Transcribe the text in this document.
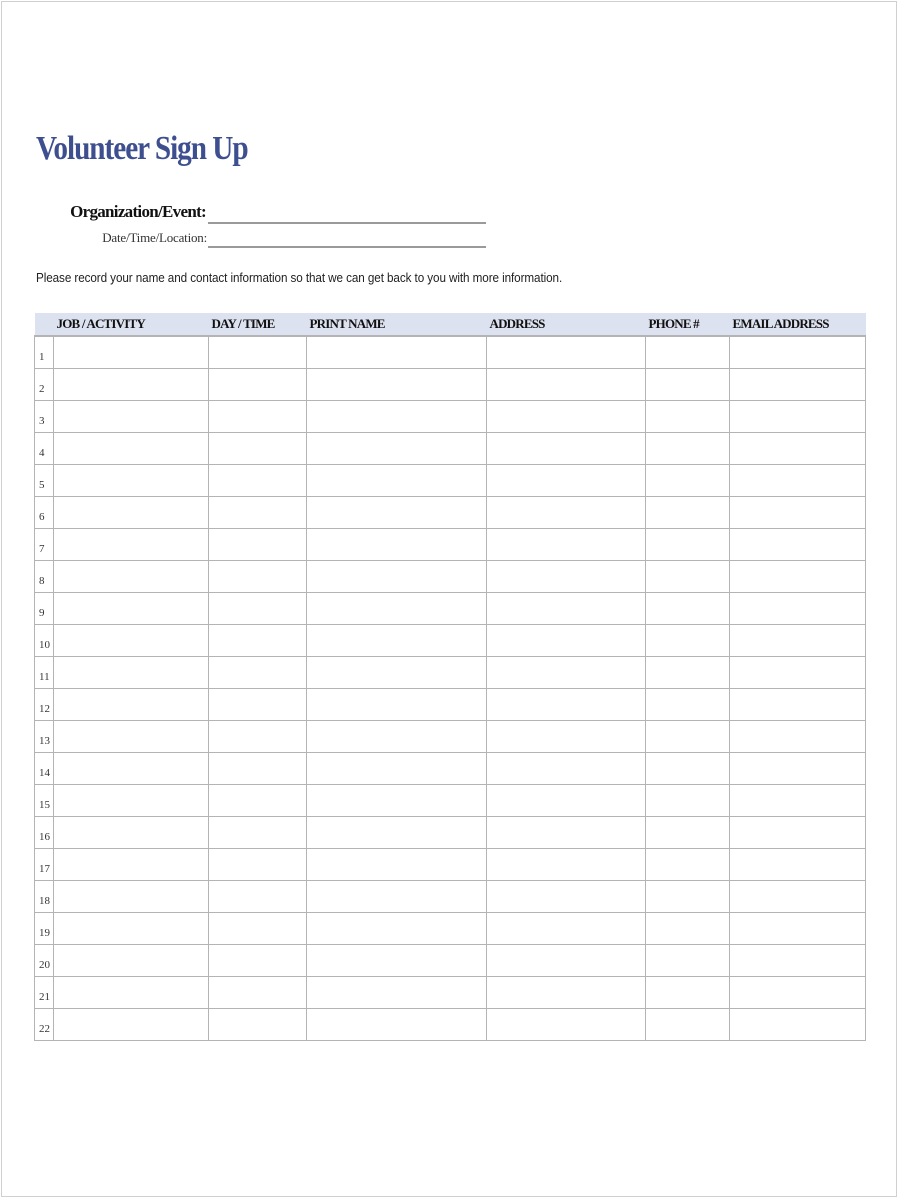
Volunteer Sign Up
Organization/Event:
Date/Time/Location:
Please record your name and contact information so that we can get back to you with more information.
	JOB / ACTIVITY	DAY / TIME	PRINT NAME	ADDRESS	PHONE #	EMAIL ADDRESS
1						
2						
3						
4						
5						
6						
7						
8						
9						
10						
11						
12						
13						
14						
15						
16						
17						
18						
19						
20						
21						
22						
